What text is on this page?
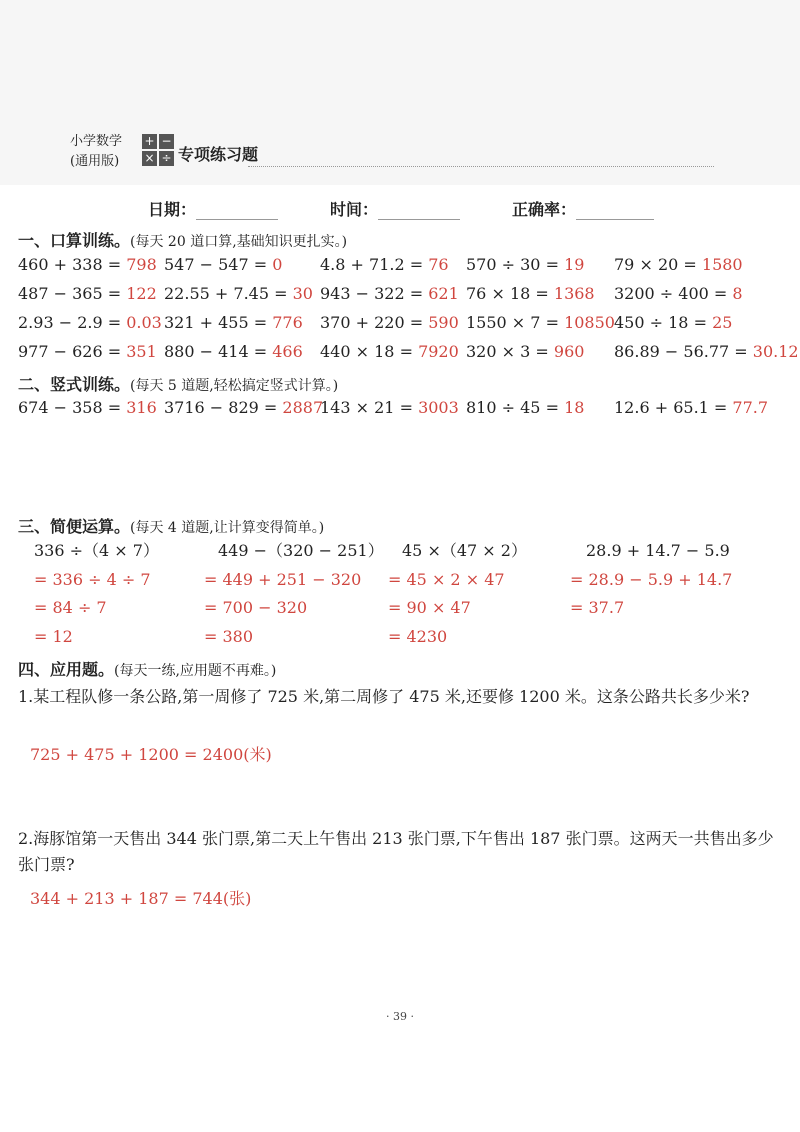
小学数学
(通用版)
+ −
× ÷ 专项练习题
日期：	时间：	正确率：
一、口算训练。(每天 20 道口算,基础知识更扎实。)
460 + 338 = 798 547 − 547 = 0 4.8 + 71.2 = 76 570 ÷ 30 = 19 79 × 20 = 1580
487 − 365 = 122 22.55 + 7.45 = 30 943 − 322 = 621 76 × 18 = 1368 3200 ÷ 400 = 8
2.93 − 2.9 = 0.03 321 + 455 = 776 370 + 220 = 590 1550 × 7 = 10850 450 ÷ 18 = 25
977 − 626 = 351 880 − 414 = 466 440 × 18 = 7920 320 × 3 = 960 86.89 − 56.77 = 30.12
二、竖式训练。(每天 5 道题,轻松搞定竖式计算。)
674 − 358 = 316 3716 − 829 = 2887
143 × 21 = 3003 810 ÷ 45 = 18 12.6 + 65.1 = 77.7
三、简便运算。(每天 4 道题,让计算变得简单。)
336 ÷（4 × 7）
= 336 ÷ 4 ÷ 7
= 84 ÷ 7
= 12
449 −（320 − 251）
= 449 + 251 − 320
= 700 − 320
= 380
45 ×（47 × 2）
= 45 × 2 × 47
= 90 × 47
= 4230
28.9 + 14.7 − 5.9
= 28.9 − 5.9 + 14.7
= 37.7
四、应用题。(每天一练,应用题不再难。)
1.某工程队修一条公路,第一周修了 725 米,第二周修了 475 米,还要修 1200 米。这条公路共长多少米?
725 + 475 + 1200 = 2400(米)
2.海豚馆第一天售出 344 张门票,第二天上午售出 213 张门票,下午售出 187 张门票。这两天一共售出多少张门票?
344 + 213 + 187 = 744(张)
· 39 ·
